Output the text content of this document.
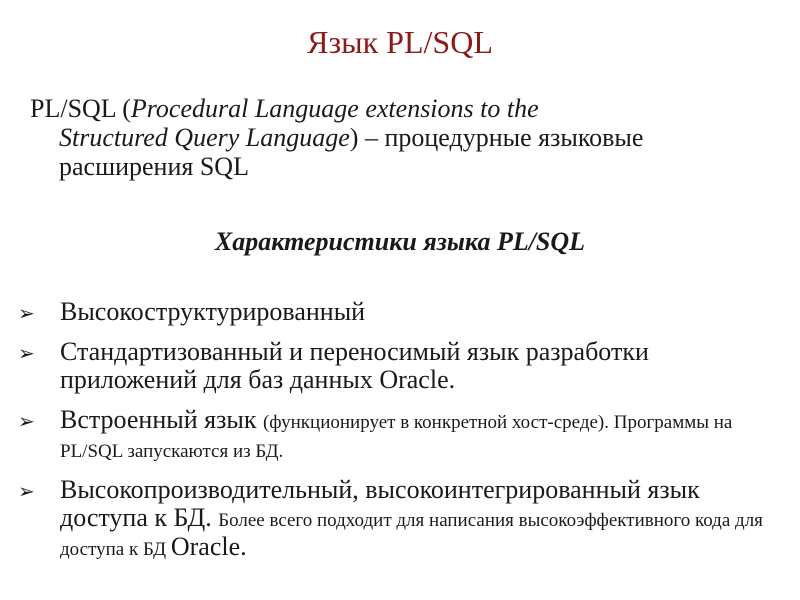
Язык PL/SQL
PL/SQL (Procedural Language extensions to the
Structured Query Language) – процедурные языковые
расширения SQL
Характеристики языка PL/SQL
➢ Высокоструктурированный
➢ Стандартизованный и переносимый язык разработки приложений для баз данных Oracle.
➢ Встроенный язык (функционирует в конкретной хост-среде). Программы на PL/SQL запускаются из БД.
➢ Высокопроизводительный, высокоинтегрированный язык доступа к БД. Более всего подходит для написания высокоэффективного кода для доступа к БД Oracle.
